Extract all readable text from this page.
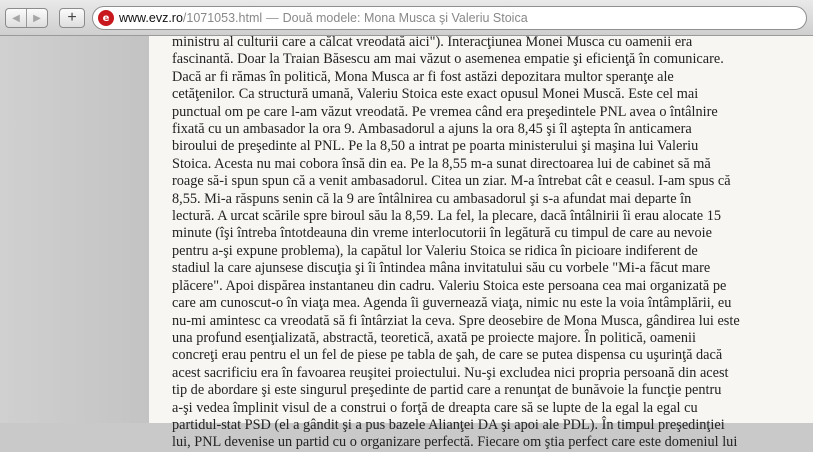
◀ ▶	+	e www.evz.ro/1071053.html — Două modele: Mona Musca şi Valeriu Stoica

ministru al culturii care a călcat vreodată aici"). Interacţiunea Monei Musca cu oamenii era
fascinantă. Doar la Traian Băsescu am mai văzut o asemenea empatie şi eficienţă în comunicare.
Dacă ar fi rămas în politică, Mona Musca ar fi fost astăzi depozitara multor speranţe ale
cetăţenilor. Ca structură umană, Valeriu Stoica este exact opusul Monei Muscă. Este cel mai
punctual om pe care l-am văzut vreodată. Pe vremea când era preşedintele PNL avea o întâlnire
fixată cu un ambasador la ora 9. Ambasadorul a ajuns la ora 8,45 şi îl aştepta în anticamera
biroului de preşedinte al PNL. Pe la 8,50 a intrat pe poarta ministerului şi maşina lui Valeriu
Stoica. Acesta nu mai cobora însă din ea. Pe la 8,55 m-a sunat directoarea lui de cabinet să mă
roage să-i spun spun că a venit ambasadorul. Citea un ziar. M-a întrebat cât e ceasul. I-am spus că
8,55. Mi-a răspuns senin că la 9 are întâlnirea cu ambasadorul şi s-a afundat mai departe în
lectură. A urcat scările spre biroul său la 8,59. La fel, la plecare, dacă întâlnirii îi erau alocate 15
minute (îşi întreba întotdeauna din vreme interlocutorii în legătură cu timpul de care au nevoie
pentru a-şi expune problema), la capătul lor Valeriu Stoica se ridica în picioare indiferent de
stadiul la care ajunsese discuţia şi îi întindea mâna invitatului său cu vorbele "Mi-a făcut mare
plăcere". Apoi dispărea instantaneu din cadru. Valeriu Stoica este persoana cea mai organizată pe
care am cunoscut-o în viaţa mea. Agenda îi guvernează viaţa, nimic nu este la voia întâmplării, eu
nu-mi amintesc ca vreodată să fi întârziat la ceva. Spre deosebire de Mona Musca, gândirea lui este
una profund esenţializată, abstractă, teoretică, axată pe proiecte majore. În politică, oamenii
concreţi erau pentru el un fel de piese pe tabla de şah, de care se putea dispensa cu uşurinţă dacă
acest sacrificiu era în favoarea reuşitei proiectului. Nu-şi excludea nici propria persoană din acest
tip de abordare şi este singurul preşedinte de partid care a renunţat de bunăvoie la funcţie pentru
a-şi vedea împlinit visul de a construi o forţă de dreapta care să se lupte de la egal la egal cu
partidul-stat PSD (el a gândit şi a pus bazele Alianţei DA şi apoi ale PDL). În timpul preşedinţiei
lui, PNL devenise un partid cu o organizare perfectă. Fiecare om ştia perfect care este domeniul lui
